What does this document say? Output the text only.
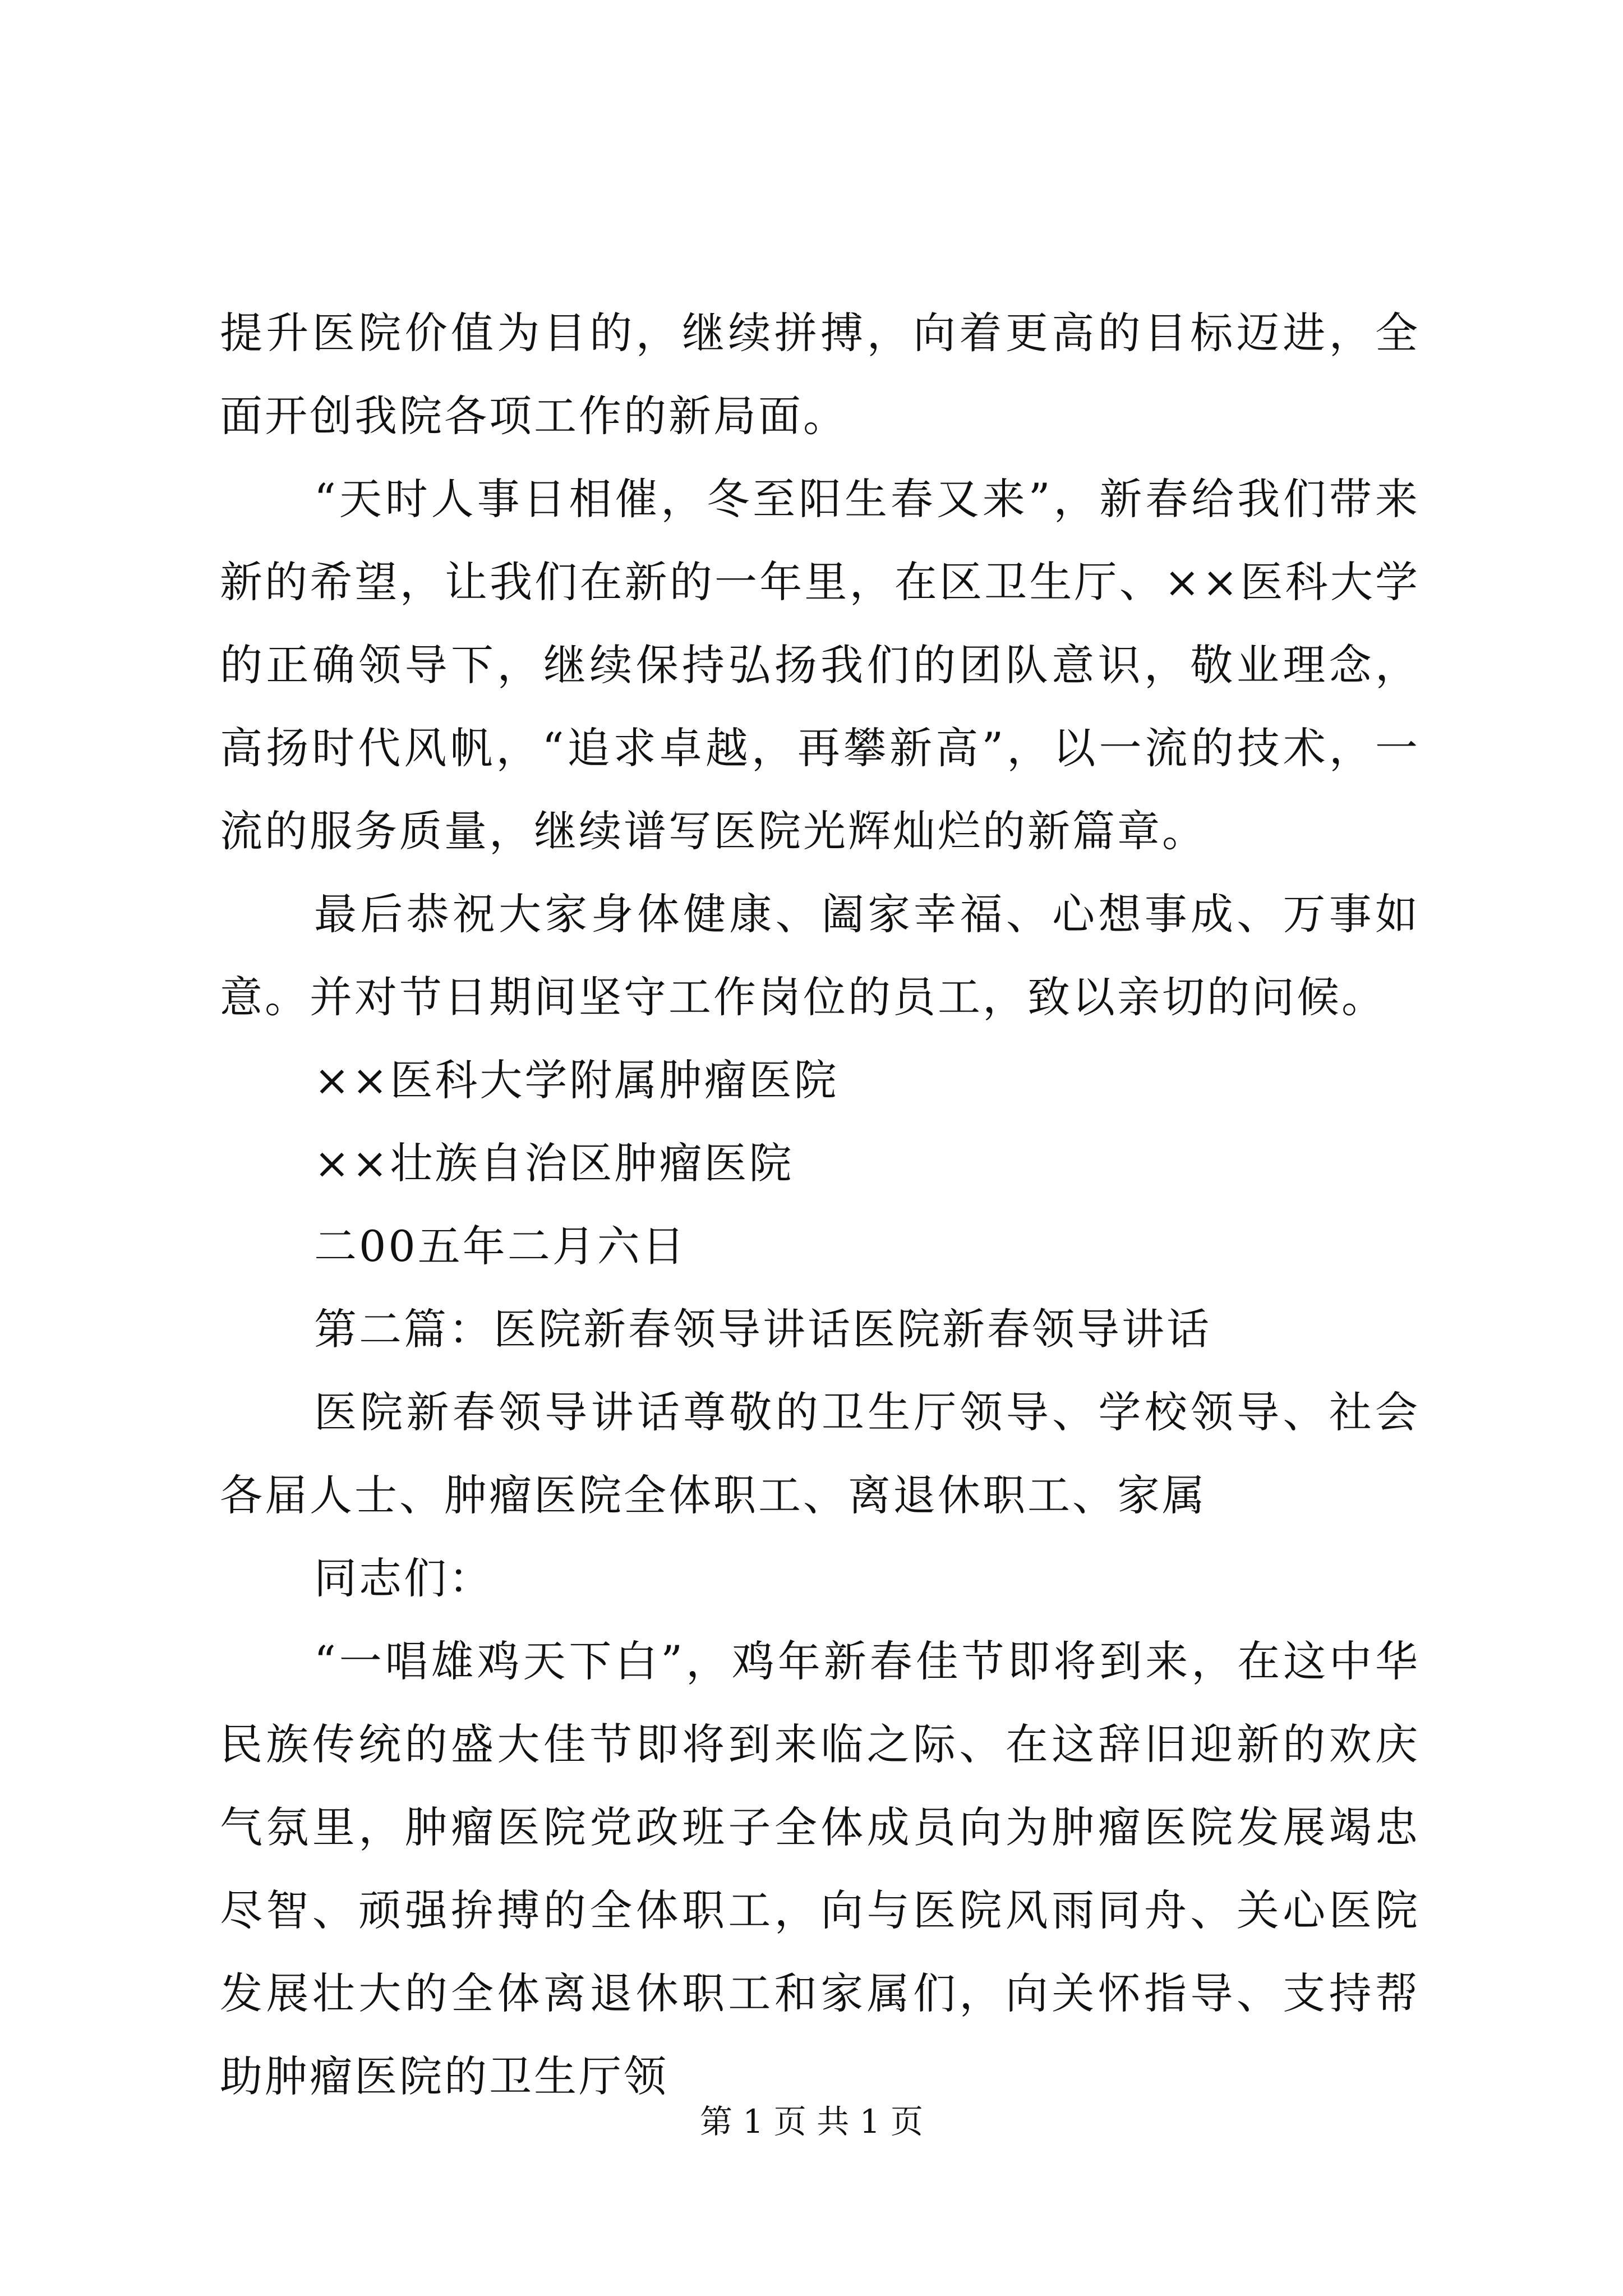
提升医院价值为目的，继续拼搏，向着更高的目标迈进，全面开创我院各项工作的新局面。

“天时人事日相催，冬至阳生春又来”，新春给我们带来新的希望，让我们在新的一年里，在区卫生厅、××医科大学的正确领导下，继续保持弘扬我们的团队意识，敬业理念，高扬时代风帆，“追求卓越，再攀新高”，以一流的技术，一流的服务质量，继续谱写医院光辉灿烂的新篇章。

最后恭祝大家身体健康、阖家幸福、心想事成、万事如意。并对节日期间坚守工作岗位的员工，致以亲切的问候。

××医科大学附属肿瘤医院

××壮族自治区肿瘤医院

二00五年二月六日

第二篇：医院新春领导讲话医院新春领导讲话

医院新春领导讲话尊敬的卫生厅领导、学校领导、社会各届人士、肿瘤医院全体职工、离退休职工、家属

同志们：

“一唱雄鸡天下白”，鸡年新春佳节即将到来，在这中华民族传统的盛大佳节即将到来临之际、在这辞旧迎新的欢庆气氛里，肿瘤医院党政班子全体成员向为肿瘤医院发展竭忠尽智、顽强拚搏的全体职工，向与医院风雨同舟、关心医院发展壮大的全体离退休职工和家属们，向关怀指导、支持帮助肿瘤医院的卫生厅领

第 1 页 共 1 页
